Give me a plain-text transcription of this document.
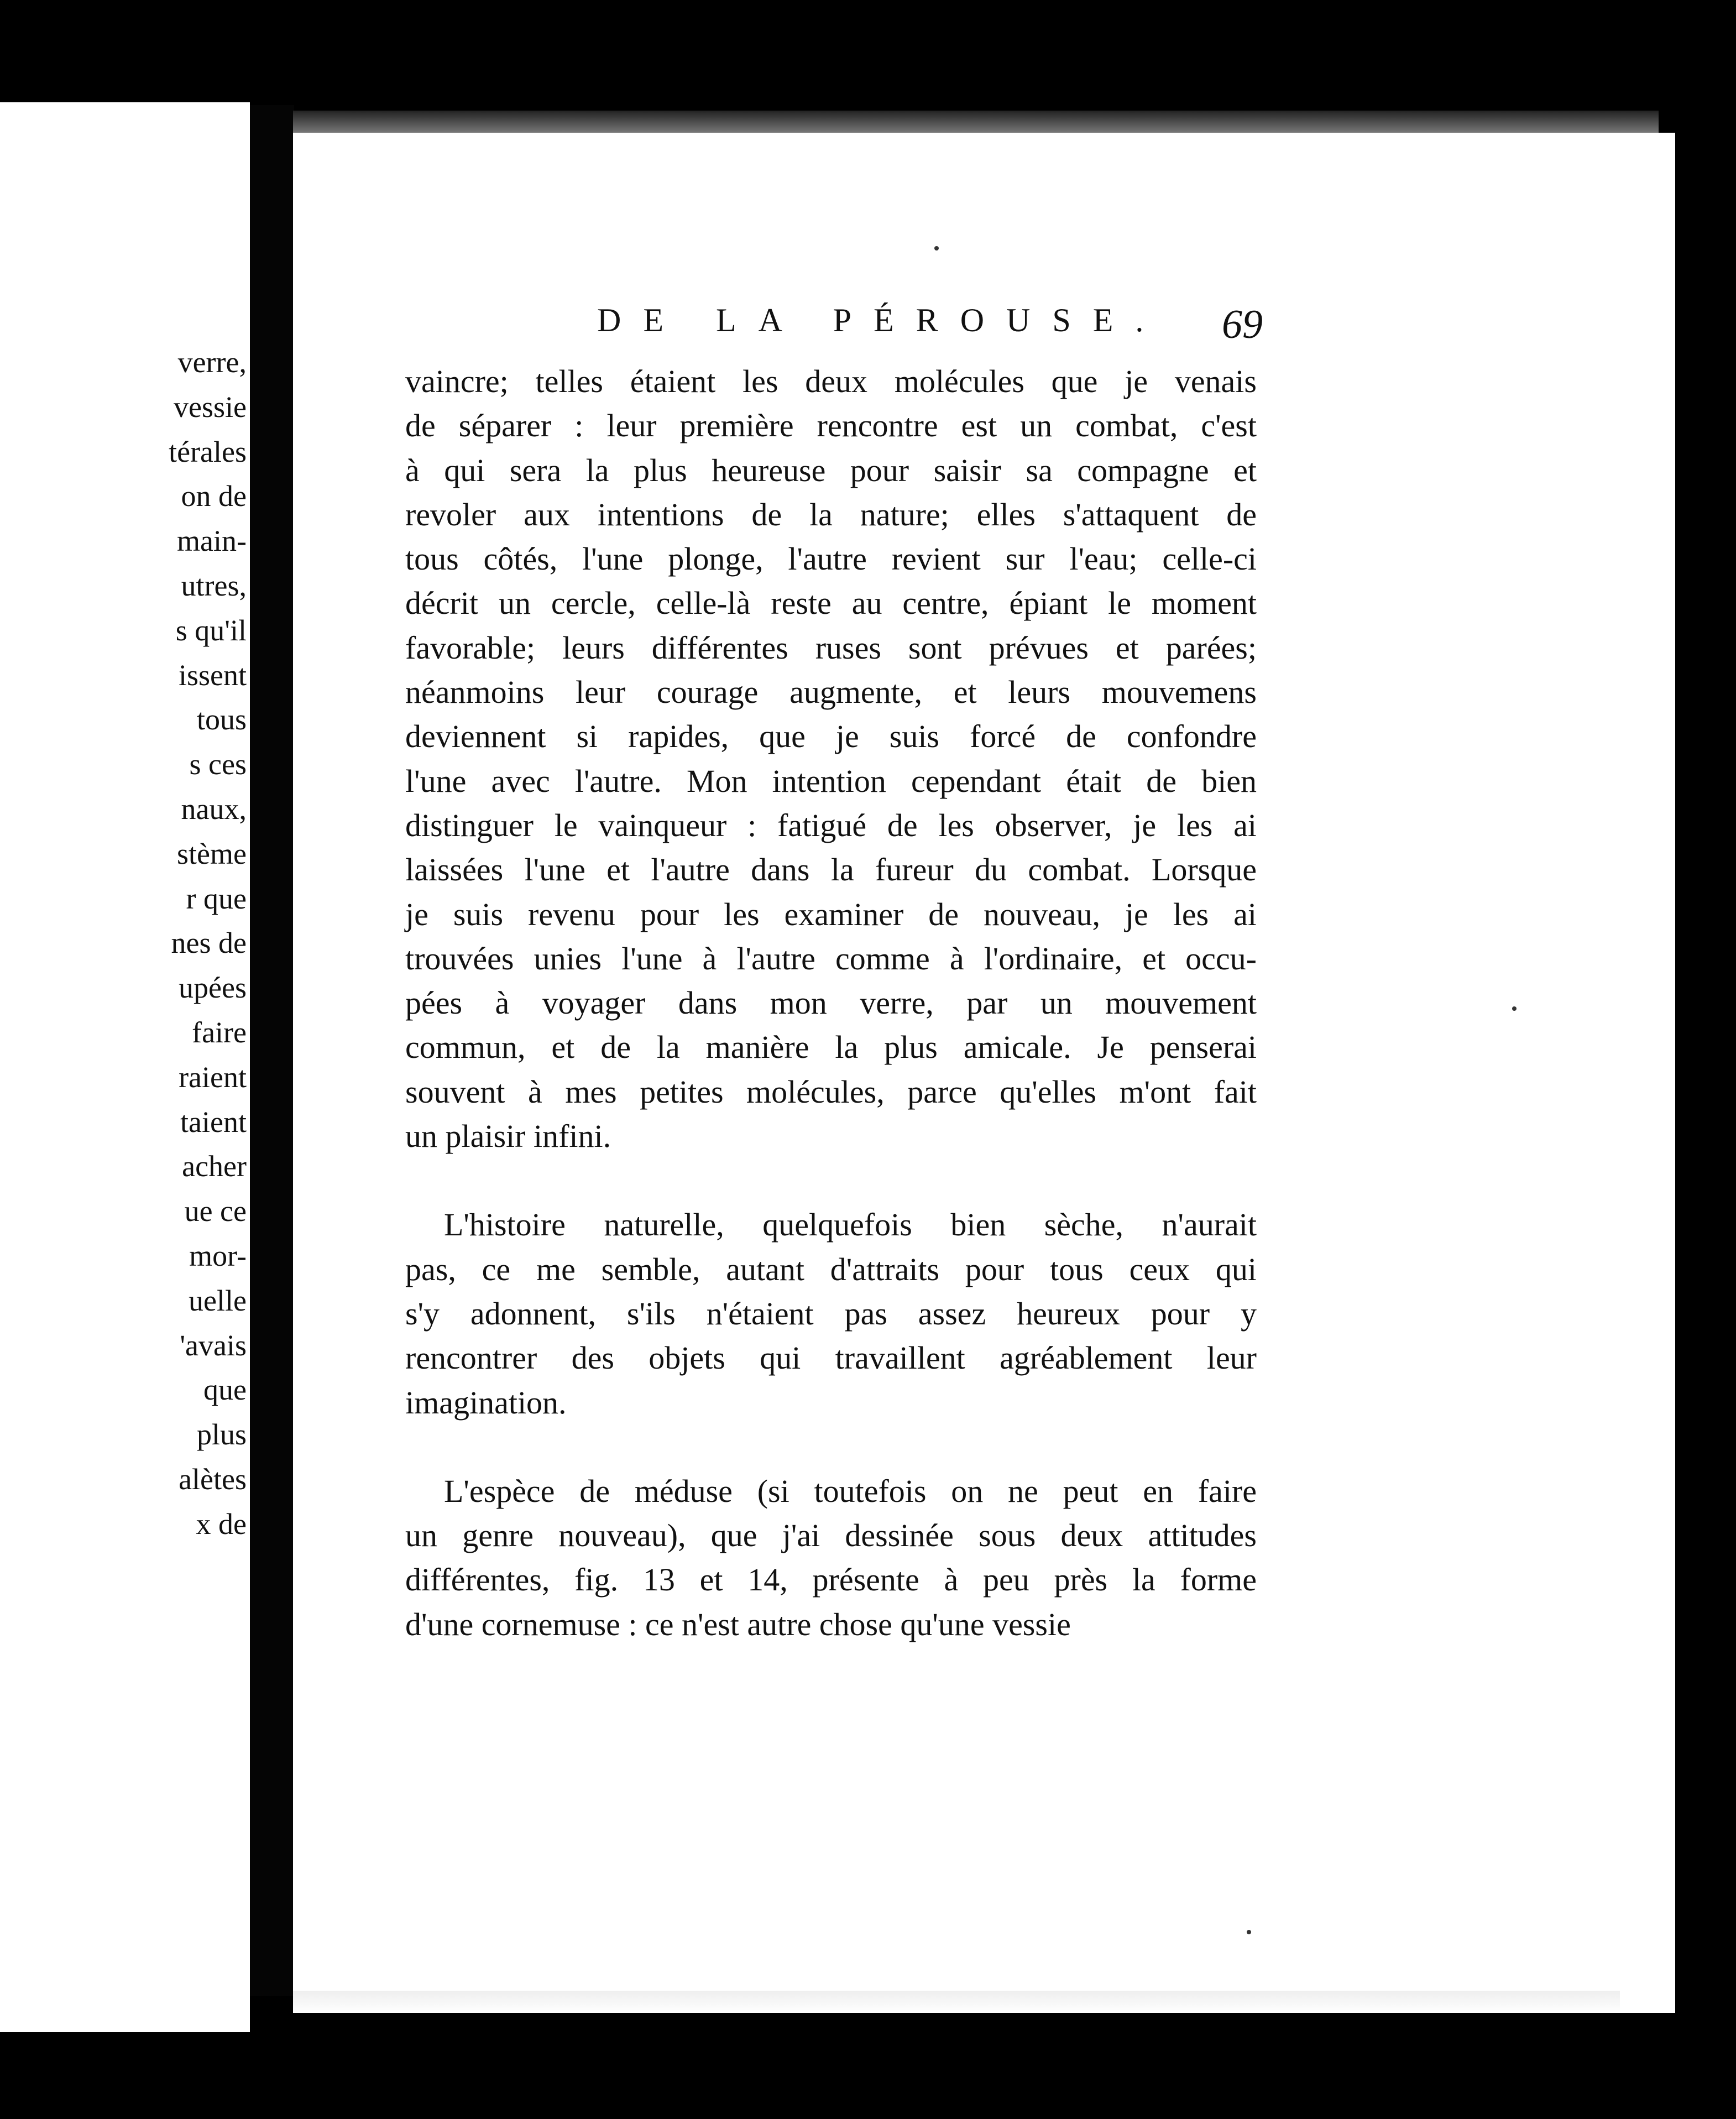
verre,
vessie
térales
on de
main-
utres,
s qu'il
issent
tous
s ces
naux,
stème
r que
nes de
upées
faire
raient
taient
acher
ue ce
mor-
uelle
'avais
que
plus
alètes
x de
DE LA PÉROUSE. 69
vaincre; telles étaient les deux molécules que je venais
de séparer : leur première rencontre est un combat, c'est
à qui sera la plus heureuse pour saisir sa compagne et
revoler aux intentions de la nature; elles s'attaquent de
tous côtés, l'une plonge, l'autre revient sur l'eau; celle-ci
décrit un cercle, celle-là reste au centre, épiant le moment
favorable; leurs différentes ruses sont prévues et parées;
néanmoins leur courage augmente, et leurs mouvemens
deviennent si rapides, que je suis forcé de confondre
l'une avec l'autre. Mon intention cependant était de bien
distinguer le vainqueur : fatigué de les observer, je les ai
laissées l'une et l'autre dans la fureur du combat. Lorsque
je suis revenu pour les examiner de nouveau, je les ai
trouvées unies l'une à l'autre comme à l'ordinaire, et occu-
pées à voyager dans mon verre, par un mouvement
commun, et de la manière la plus amicale. Je penserai
souvent à mes petites molécules, parce qu'elles m'ont fait
un plaisir infini.
L'histoire naturelle, quelquefois bien sèche, n'aurait
pas, ce me semble, autant d'attraits pour tous ceux qui
s'y adonnent, s'ils n'étaient pas assez heureux pour y
rencontrer des objets qui travaillent agréablement leur
imagination.
L'espèce de méduse (si toutefois on ne peut en faire
un genre nouveau), que j'ai dessinée sous deux attitudes
différentes, fig. 13 et 14, présente à peu près la forme
d'une cornemuse : ce n'est autre chose qu'une vessie
